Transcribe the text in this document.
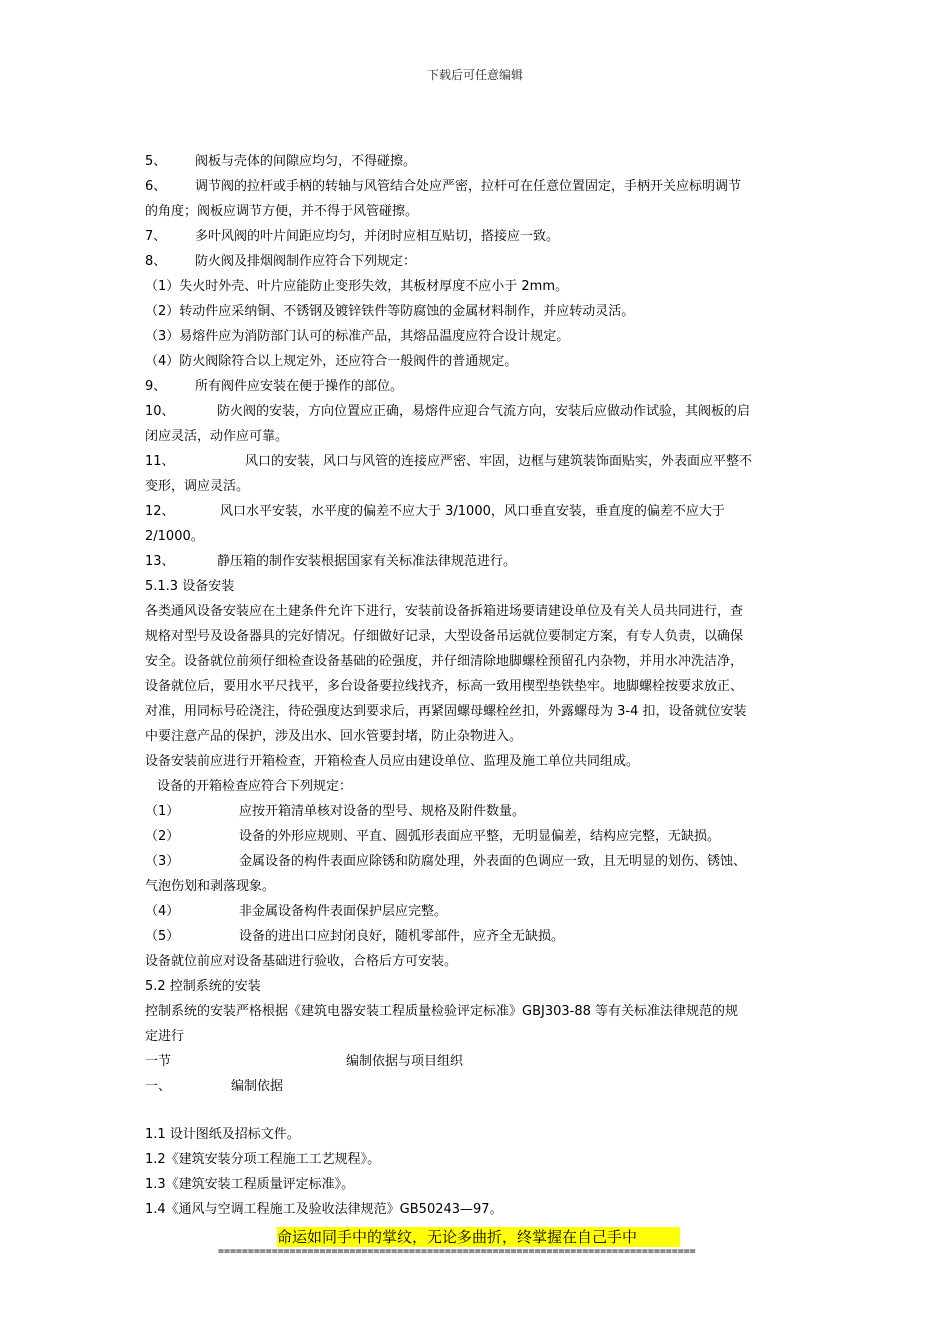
下载后可任意编辑
5、 阀板与壳体的间隙应均匀，不得碰擦。
6、 调节阀的拉杆或手柄的转轴与风管结合处应严密，拉杆可在任意位置固定，手柄开关应标明调节
的角度；阀板应调节方便，并不得于风管碰擦。
7、 多叶风阀的叶片间距应均匀，并闭时应相互贴切，搭接应一致。
8、 防火阀及排烟阀制作应符合下列规定：
（1）失火时外壳、叶片应能防止变形失效，其板材厚度不应小于 2mm。
（2）转动件应采纳铜、不锈钢及镀锌铁件等防腐蚀的金属材料制作，并应转动灵活。
（3）易熔件应为消防部门认可的标准产品，其熔品温度应符合设计规定。
（4）防火阀除符合以上规定外，还应符合一般阀件的普通规定。
9、 所有阀件应安装在便于操作的部位。
10、	防火阀的安装，方向位置应正确，易熔件应迎合气流方向，安装后应做动作试验，其阀板的启
闭应灵活，动作应可靠。
11、	风口的安装，风口与风管的连接应严密、牢固，边框与建筑装饰面贴实，外表面应平整不
变形，调应灵活。
12、	风口水平安装，水平度的偏差不应大于 3/1000，风口垂直安装，垂直度的偏差不应大于
2/1000。
13、	静压箱的制作安装根据国家有关标准法律规范进行。
5.1.3 设备安装
各类通风设备安装应在土建条件允许下进行，安装前设备拆箱进场要请建设单位及有关人员共同进行，查
规格对型号及设备器具的完好情况。仔细做好记录，大型设备吊运就位要制定方案，有专人负责，以确保
安全。设备就位前须仔细检查设备基础的砼强度，并仔细清除地脚螺栓预留孔内杂物，并用水冲洗洁净，
设备就位后，要用水平尺找平，多台设备要拉线找齐，标高一致用楔型垫铁垫牢。地脚螺栓按要求放正、
对准，用同标号砼浇注，待砼强度达到要求后，再紧固螺母螺栓丝扣，外露螺母为 3-4 扣，设备就位安装
中要注意产品的保护，涉及出水、回水管要封堵，防止杂物进入。
设备安装前应进行开箱检查，开箱检查人员应由建设单位、监理及施工单位共同组成。
设备的开箱检查应符合下列规定：
（1）	应按开箱清单核对设备的型号、规格及附件数量。
（2）	设备的外形应规则、平直、圆弧形表面应平整，无明显偏差，结构应完整，无缺损。
（3）	金属设备的构件表面应除锈和防腐处理，外表面的色调应一致，且无明显的划伤、锈蚀、
气泡伤划和剥落现象。
（4）	非金属设备构件表面保护层应完整。
（5）	设备的进出口应封闭良好，随机零部件，应齐全无缺损。
设备就位前应对设备基础进行验收，合格后方可安装。
5.2 控制系统的安装
控制系统的安装严格根据《建筑电器安装工程质量检验评定标准》GBJ303-88 等有关标准法律规范的规
定进行
一节	编制依据与项目组织
一、	编制依据
1.1 设计图纸及招标文件。
1.2《建筑安装分项工程施工工艺规程》。
1.3《建筑安装工程质量评定标准》。
1.4《通风与空调工程施工及验收法律规范》GB50243—97。
命运如同手中的掌纹，无论多曲折，终掌握在自己手中
================================================================================
